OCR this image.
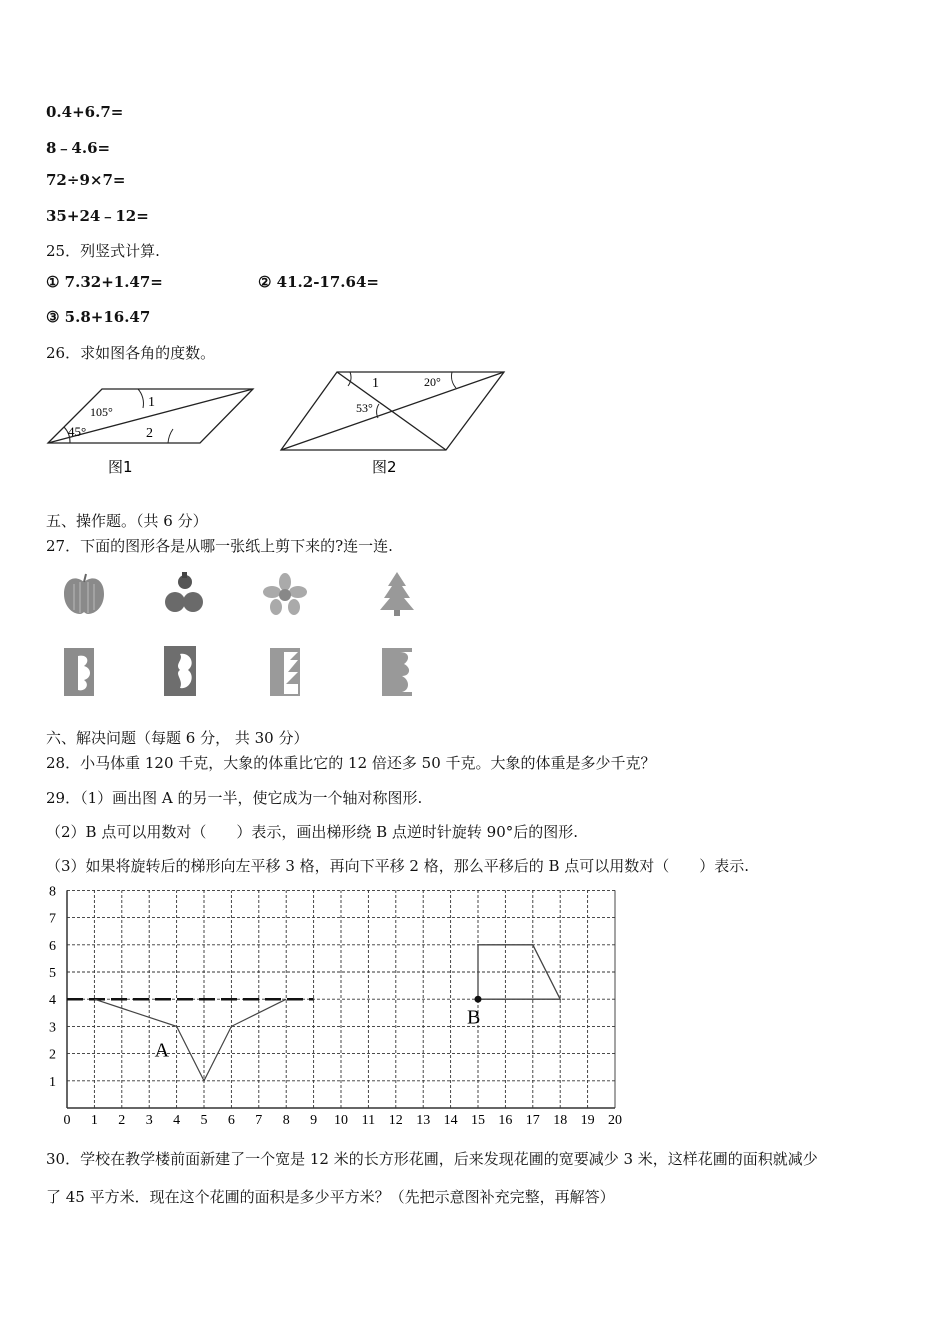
0.4+6.7=
8﹣4.6=
72÷9×7=
35+24﹣12=
25．列竖式计算.
① 7.32+1.47=	② 41.2-17.64=
③ 5.8+16.47
26．求如图各角的度数。
105°
1
45°	2
图1
1	20°
53°
图2
五、操作题。（共 6 分）
27．下面的图形各是从哪一张纸上剪下来的?连一连.
六、解决问题（每题 6 分， 共 30 分）
28．小马体重 120 千克，大象的体重比它的 12 倍还多 50 千克。大象的体重是多少千克？
29．（1）画出图 A 的另一半，使它成为一个轴对称图形.
（2）B 点可以用数对（　　）表示，画出梯形绕 B 点逆时针旋转 90°后的图形.
（3）如果将旋转后的梯形向左平移 3 格，再向下平移 2 格，那么平移后的 B 点可以用数对（　　）表示.
0 1 2 3 4 5 6 7 8 9 10 11 12 13 14 15 16 17 18 19 20
1
2
3
4
5
6
7
8
A
B
30．学校在教学楼前面新建了一个宽是 12 米的长方形花圃，后来发现花圃的宽要减少 3 米，这样花圃的面积就减少
了 45 平方米．现在这个花圃的面积是多少平方米？（先把示意图补充完整，再解答）
